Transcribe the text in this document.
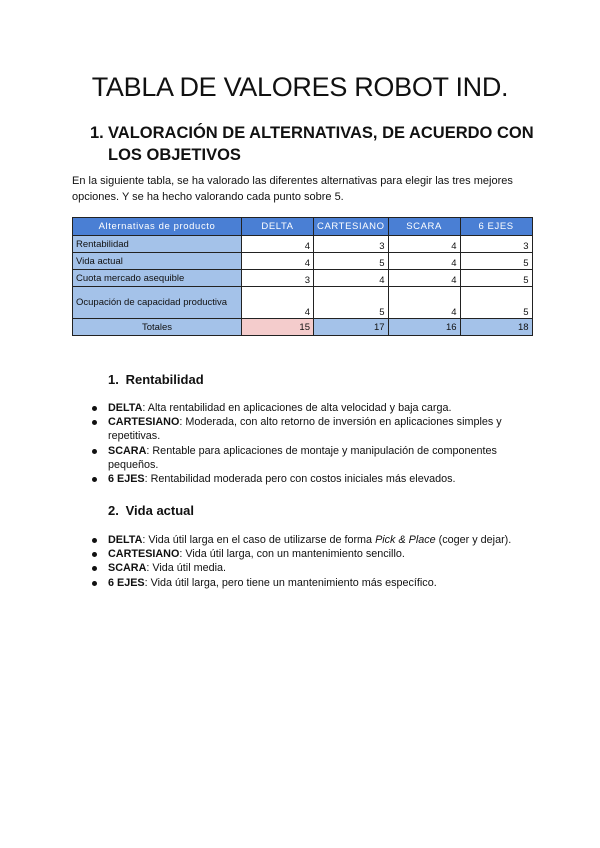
TABLA DE VALORES ROBOT IND.
1. VALORACIÓN DE ALTERNATIVAS, DE ACUERDO CON LOS OBJETIVOS

En la siguiente tabla, se ha valorado las diferentes alternativas para elegir las tres mejores opciones. Y se ha hecho valorando cada punto sobre 5.

Alternativas de producto	DELTA	CARTESIANO	SCARA	6 EJES
Rentabilidad	4	3	4	3
Vida actual	4	5	4	5
Cuota mercado asequible	3	4	4	5
Ocupación de capacidad productiva	4	5	4	5
Totales	15	17	16	18
1. Rentabilidad
DELTA: Alta rentabilidad en aplicaciones de alta velocidad y baja carga.
CARTESIANO: Moderada, con alto retorno de inversión en aplicaciones simples y repetitivas.
SCARA: Rentable para aplicaciones de montaje y manipulación de componentes pequeños.
6 EJES: Rentabilidad moderada pero con costos iniciales más elevados.
2. Vida actual
DELTA: Vida útil larga en el caso de utilizarse de forma Pick & Place (coger y dejar).
CARTESIANO: Vida útil larga, con un mantenimiento sencillo.
SCARA: Vida útil media.
6 EJES: Vida útil larga, pero tiene un mantenimiento más específico.
